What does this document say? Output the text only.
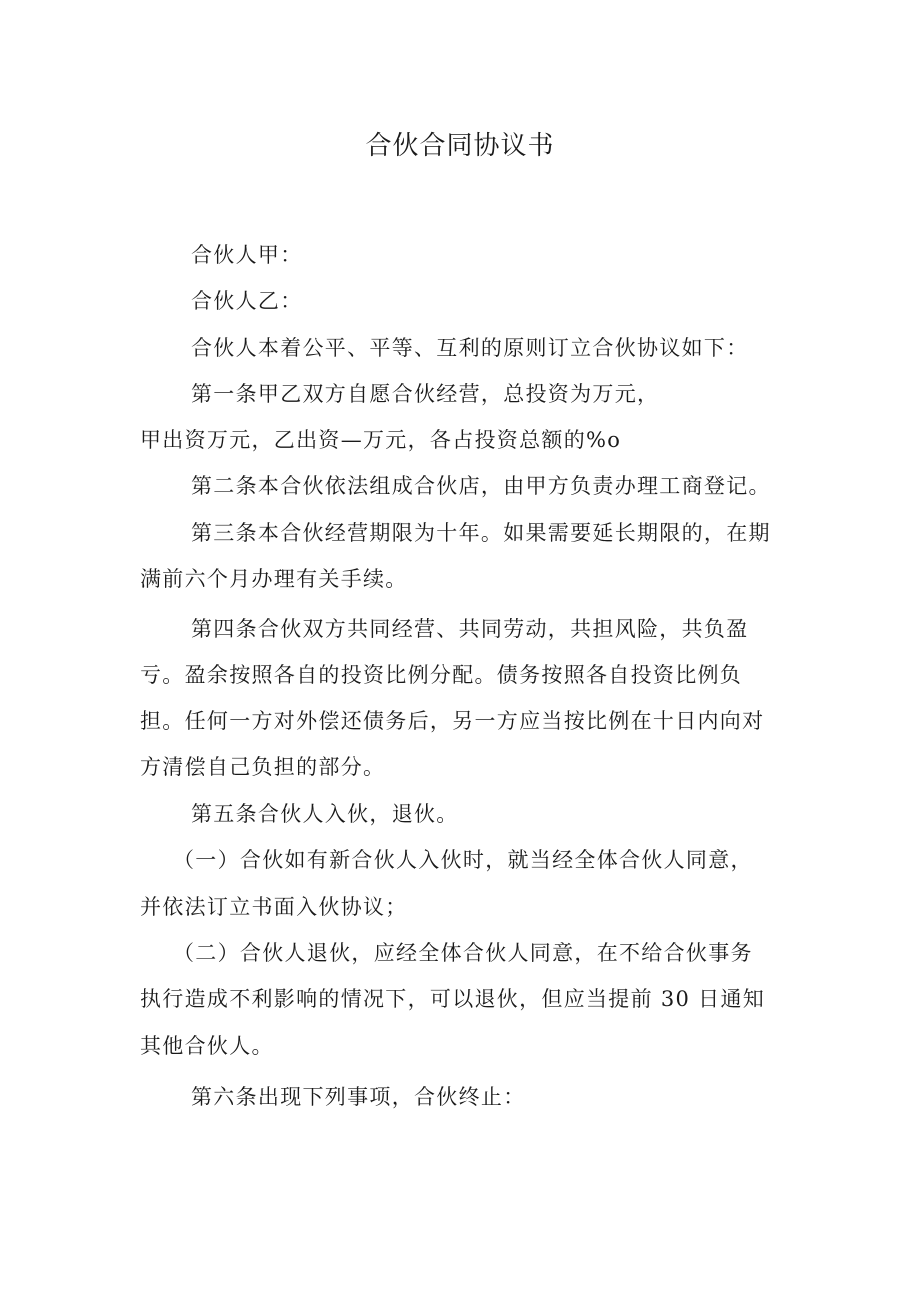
合伙合同协议书
合伙人甲：
合伙人乙：
合伙人本着公平、平等、互利的原则订立合伙协议如下：
第一条甲乙双方自愿合伙经营，总投资为万元，
甲出资万元，乙出资—万元，各占投资总额的%o
第二条本合伙依法组成合伙店，由甲方负责办理工商登记。
第三条本合伙经营期限为十年。如果需要延长期限的，在期
满前六个月办理有关手续。
第四条合伙双方共同经营、共同劳动，共担风险，共负盈
亏。盈余按照各自的投资比例分配。债务按照各自投资比例负
担。任何一方对外偿还债务后，另一方应当按比例在十日内向对
方清偿自己负担的部分。
第五条合伙人入伙，退伙。
（一）合伙如有新合伙人入伙时，就当经全体合伙人同意，
并依法订立书面入伙协议；
（二）合伙人退伙，应经全体合伙人同意，在不给合伙事务
执行造成不利影响的情况下，可以退伙，但应当提前 30 日通知
其他合伙人。
第六条出现下列事项，合伙终止：
